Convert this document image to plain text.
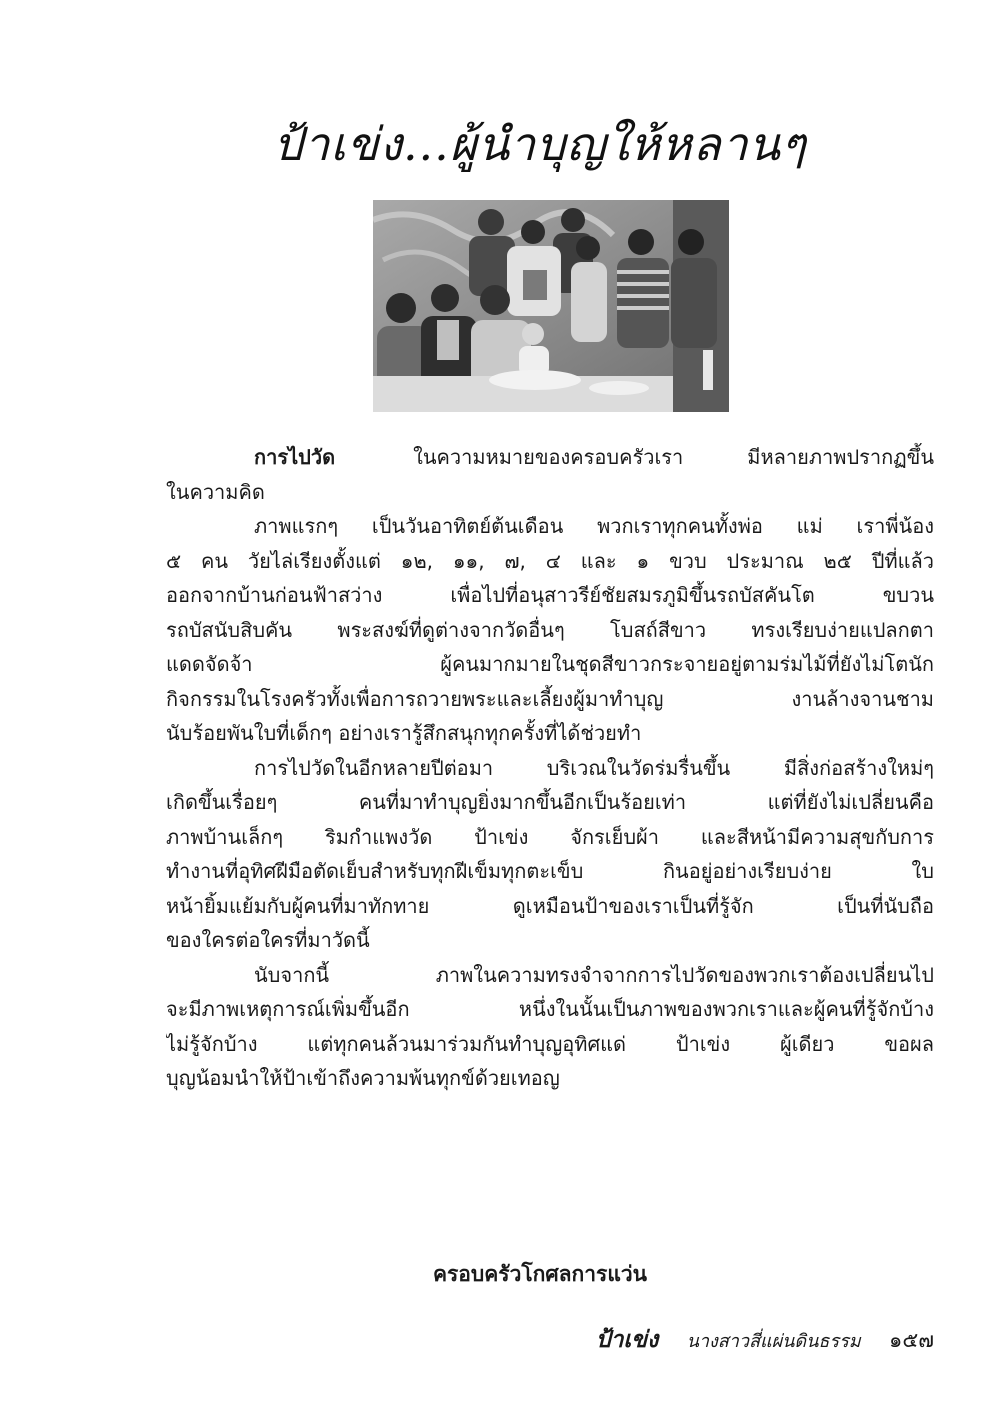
ป้าเข่ง...ผู้นำบุญให้หลานๆ
การไปวัด	ในความหมายของครอบครัวเรา มีหลายภาพปรากฏขึ้น
ในความคิด
ภาพแรกๆ เป็นวันอาทิตย์ต้นเดือน พวกเราทุกคนทั้งพ่อ แม่ เราพี่น้อง
๕ คน วัยไล่เรียงตั้งแต่ ๑๒, ๑๑, ๗, ๔ และ ๑ ขวบ ประมาณ ๒๕ ปีที่แล้ว
ออกจากบ้านก่อนฟ้าสว่าง เพื่อไปที่อนุสาวรีย์ชัยสมรภูมิขึ้นรถบัสคันโต ขบวน
รถบัสนับสิบคัน พระสงฆ์ที่ดูต่างจากวัดอื่นๆ โบสถ์สีขาว ทรงเรียบง่ายแปลกตา
แดดจัดจ้า ผู้คนมากมายในชุดสีขาวกระจายอยู่ตามร่มไม้ที่ยังไม่โตนัก
กิจกรรมในโรงครัวทั้งเพื่อการถวายพระและเลี้ยงผู้มาทำบุญ งานล้างจานชาม
นับร้อยพันใบที่เด็กๆ อย่างเรารู้สึกสนุกทุกครั้งที่ได้ช่วยทำ
การไปวัดในอีกหลายปีต่อมา บริเวณในวัดร่มรื่นขึ้น มีสิ่งก่อสร้างใหม่ๆ
เกิดขึ้นเรื่อยๆ คนที่มาทำบุญยิ่งมากขึ้นอีกเป็นร้อยเท่า แต่ที่ยังไม่เปลี่ยนคือ
ภาพบ้านเล็กๆ ริมกำแพงวัด ป้าเข่ง จักรเย็บผ้า และสีหน้ามีความสุขกับการ
ทำงานที่อุทิศฝีมือตัดเย็บสำหรับทุกฝีเข็มทุกตะเข็บ กินอยู่อย่างเรียบง่าย ใบ
หน้ายิ้มแย้มกับผู้คนที่มาทักทาย ดูเหมือนป้าของเราเป็นที่รู้จัก เป็นที่นับถือ
ของใครต่อใครที่มาวัดนี้
นับจากนี้ ภาพในความทรงจำจากการไปวัดของพวกเราต้องเปลี่ยนไป
จะมีภาพเหตุการณ์เพิ่มขึ้นอีก หนึ่งในนั้นเป็นภาพของพวกเราและผู้คนที่รู้จักบ้าง
ไม่รู้จักบ้าง แต่ทุกคนล้วนมาร่วมกันทำบุญอุทิศแด่ ป้าเข่ง ผู้เดียว ขอผล
บุญน้อมนำให้ป้าเข้าถึงความพ้นทุกข์ด้วยเทอญ
ครอบครัวโกศลการแว่น
ป้าเข่ง นางสาวสี่แผ่นดินธรรม ๑๕๗
